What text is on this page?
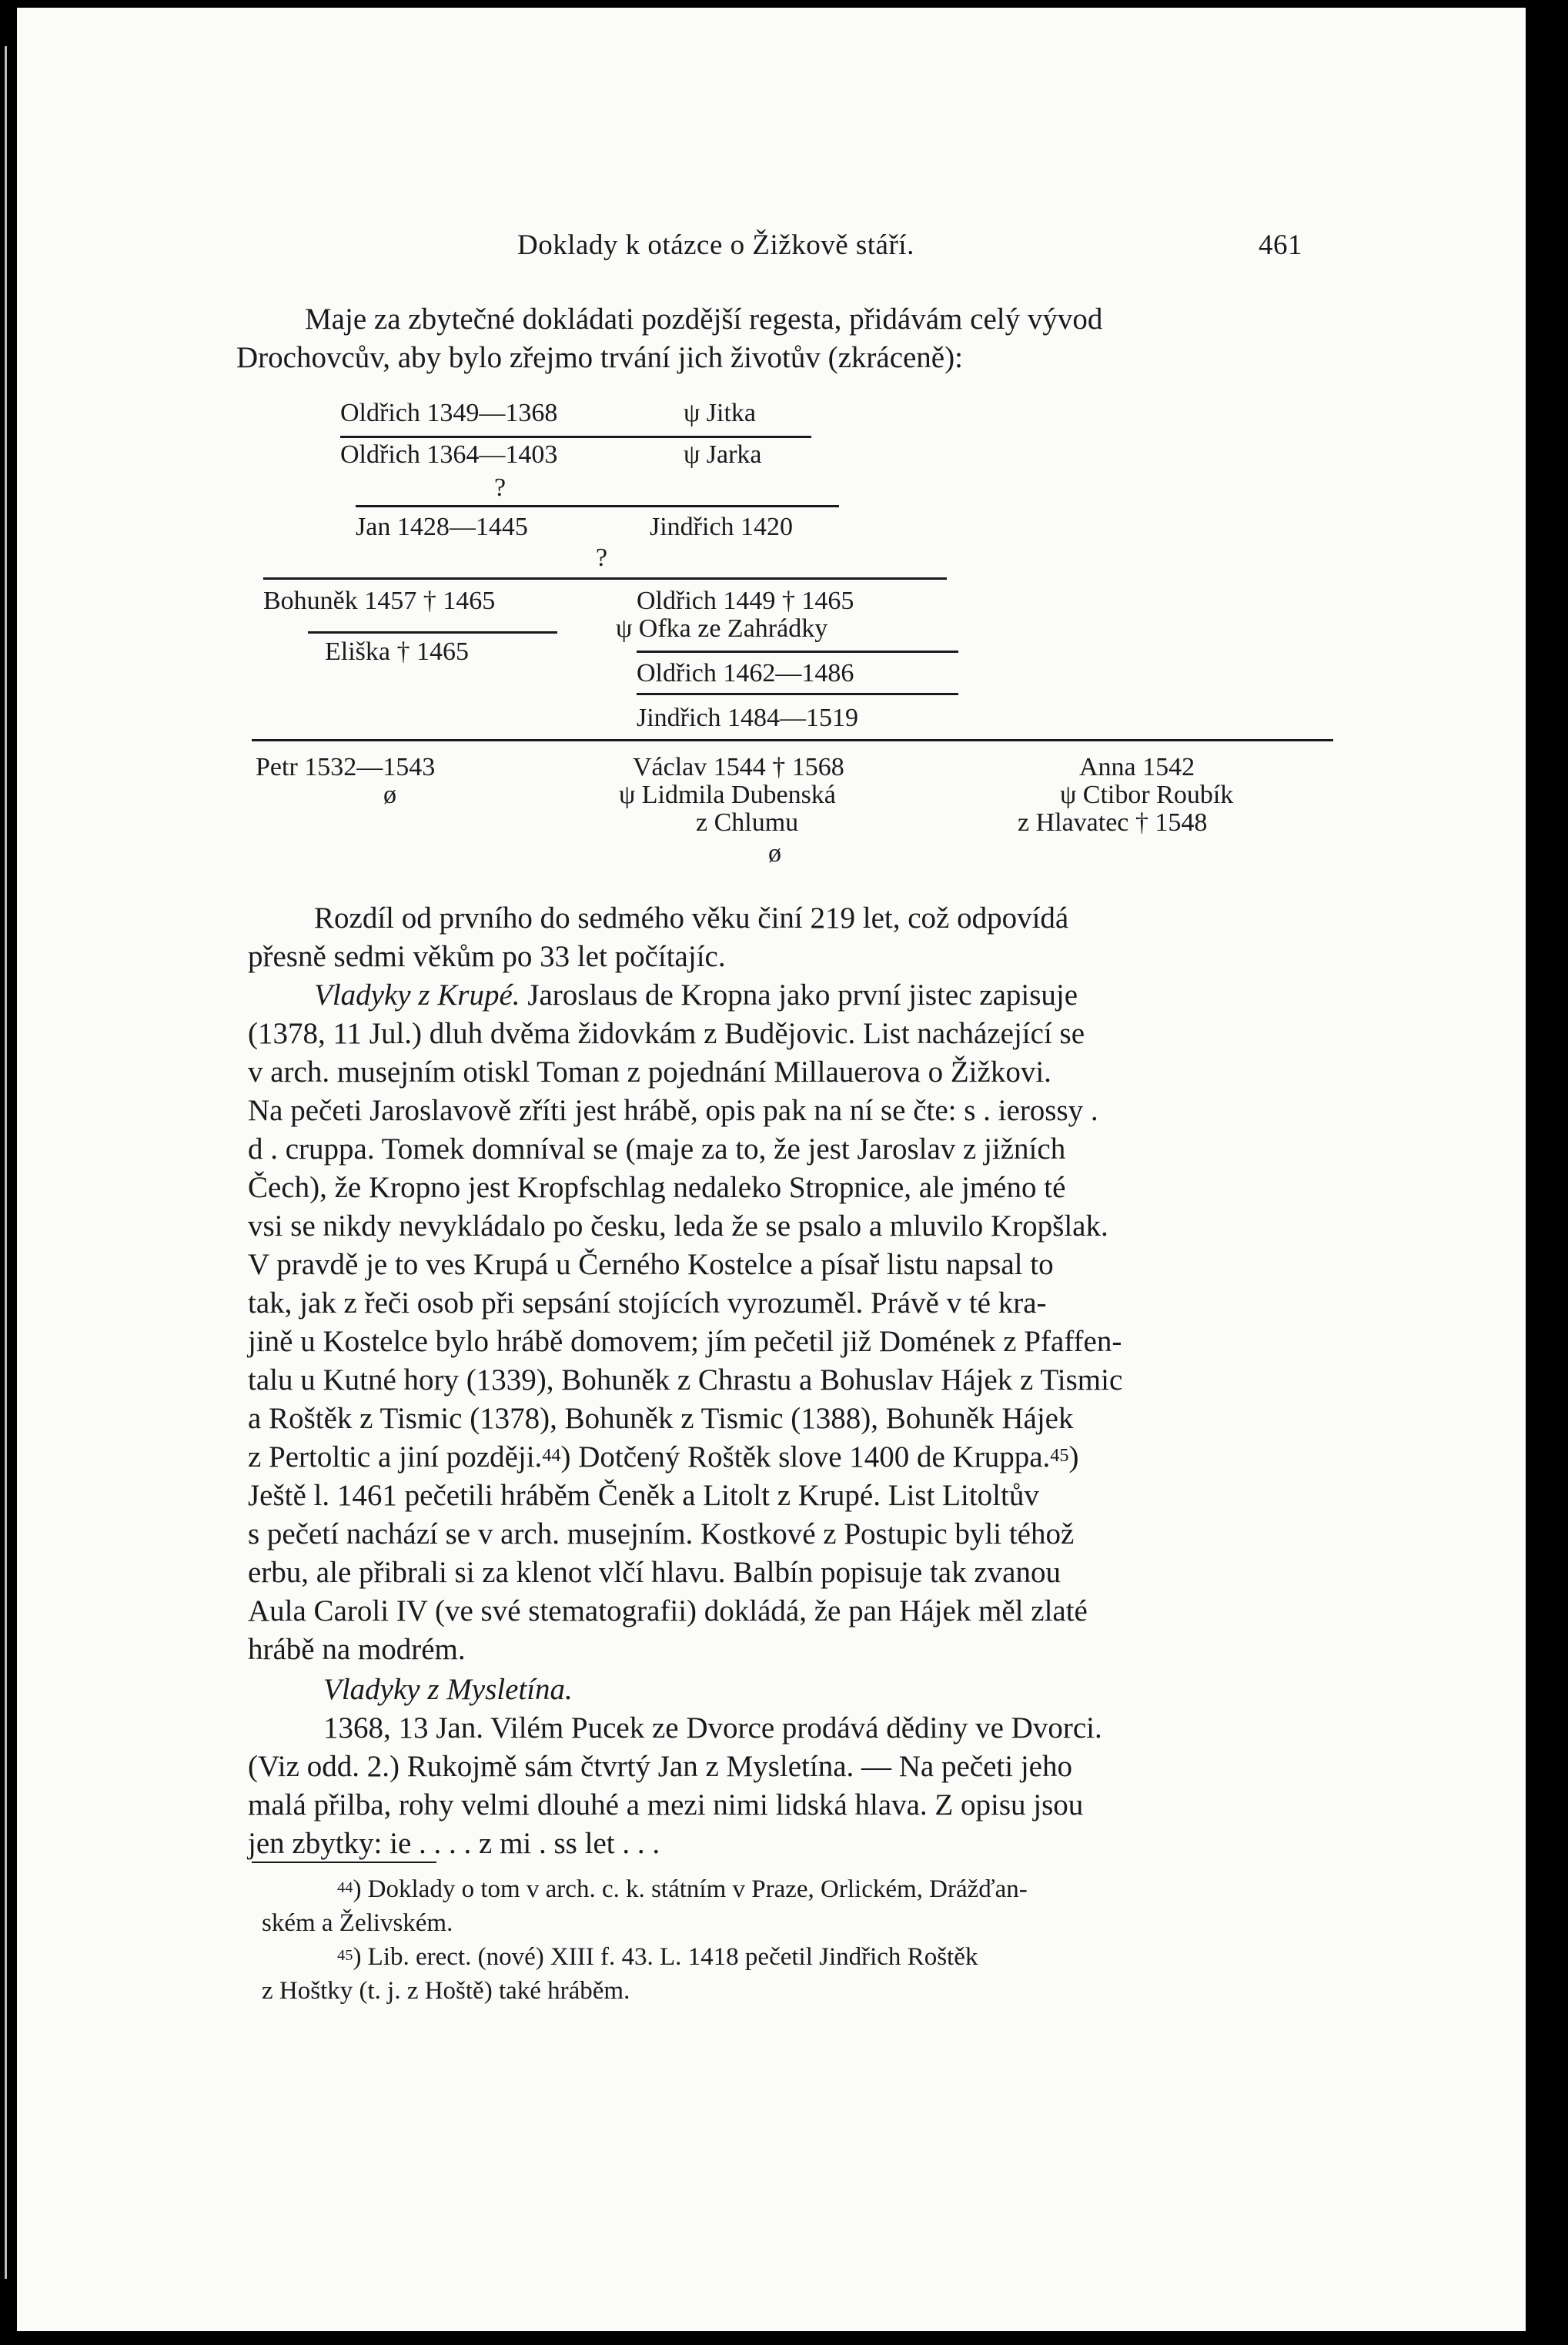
Doklady k otázce o Žižkově stáří.	461
Maje za zbytečné dokládati pozdější regesta, přidávám celý vývod
Drochovcův, aby bylo zřejmo trvání jich životův (zkráceně):
Oldřich 1349—1368	ψ Jitka
Oldřich 1364—1403	ψ Jarka
?
Jan 1428—1445	Jindřich 1420
?
Bohuněk 1457 † 1465	Oldřich 1449 † 1465
ψ Ofka ze Zahrádky
Eliška † 1465
Oldřich 1462—1486
Jindřich 1484—1519
Petr 1532—1543
ø
Václav 1544 † 1568
ψ Lidmila Dubenská
z Chlumu
ø
Anna 1542
ψ Ctibor Roubík
z Hlavatec † 1548
Rozdíl od prvního do sedmého věku činí 219 let, což odpovídá
přesně sedmi věkům po 33 let počítajíc.
Vladyky z Krupé. Jaroslaus de Kropna jako první jistec zapisuje
(1378, 11 Jul.) dluh dvěma židovkám z Budějovic. List nacházející se
v arch. musejním otiskl Toman z pojednání Millauerova o Žižkovi.
Na pečeti Jaroslavově zříti jest hrábě, opis pak na ní se čte: s . ierossy .
d . cruppa. Tomek domníval se (maje za to, že jest Jaroslav z jižních
Čech), že Kropno jest Kropfschlag nedaleko Stropnice, ale jméno té
vsi se nikdy nevykládalo po česku, leda že se psalo a mluvilo Kropšlak.
V pravdě je to ves Krupá u Černého Kostelce a písař listu napsal to
tak, jak z řeči osob při sepsání stojících vyrozuměl. Právě v té kra-
jině u Kostelce bylo hrábě domovem; jím pečetil již Domének z Pfaffen-
talu u Kutné hory (1339), Bohuněk z Chrastu a Bohuslav Hájek z Tismic
a Roštěk z Tismic (1378), Bohuněk z Tismic (1388), Bohuněk Hájek
z Pertoltic a jiní později.$^{44}$) Dotčený Roštěk slove 1400 de Kruppa.$^{45}$)
Ještě l. 1461 pečetili hráběm Čeněk a Litolt z Krupé. List Litoltův
s pečetí nachází se v arch. musejním. Kostkové z Postupic byli téhož
erbu, ale přibrali si za klenot vlčí hlavu. Balbín popisuje tak zvanou
Aula Caroli IV (ve své stematografii) dokládá, že pan Hájek měl zlaté
hrábě na modrém.
Vladyky z Mysletína.
1368, 13 Jan. Vilém Pucek ze Dvorce prodává dědiny ve Dvorci.
(Viz odd. 2.) Rukojmě sám čtvrtý Jan z Mysletína. — Na pečeti jeho
malá přilba, rohy velmi dlouhé a mezi nimi lidská hlava. Z opisu jsou
jen zbytky: ie . . . . z mi . ss let . . .
$^{44}$) Doklady o tom v arch. c. k. státním v Praze, Orlickém, Drážďan-
ském a Želivském.
$^{45}$) Lib. erect. (nové) XIII f. 43. L. 1418 pečetil Jindřich Roštěk
z Hoštky (t. j. z Hoště) také hráběm.
